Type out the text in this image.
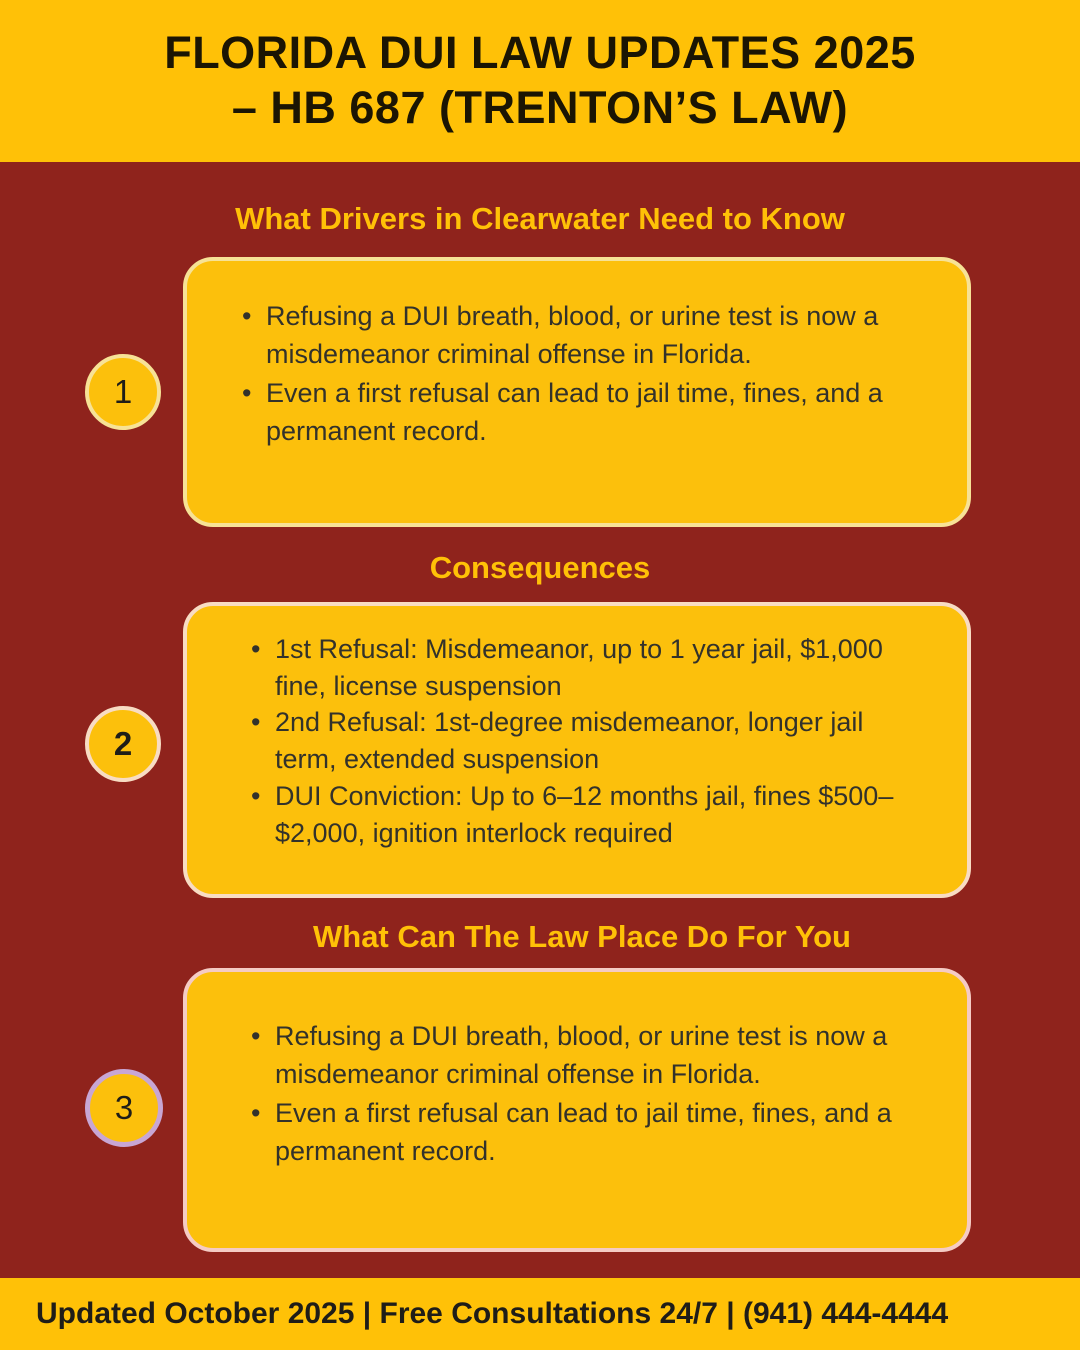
FLORIDA DUI LAW UPDATES 2025
– HB 687 (TRENTON’S LAW)
What Drivers in Clearwater Need to Know
1
• Refusing a DUI breath, blood, or urine test is now a misdemeanor criminal offense in Florida.
• Even a first refusal can lead to jail time, fines, and a permanent record.
Consequences
2
• 1st Refusal: Misdemeanor, up to 1 year jail, $1,000 fine, license suspension
• 2nd Refusal: 1st-degree misdemeanor, longer jail term, extended suspension
• DUI Conviction: Up to 6–12 months jail, fines $500–$2,000, ignition interlock required
What Can The Law Place Do For You
3
• Refusing a DUI breath, blood, or urine test is now a misdemeanor criminal offense in Florida.
• Even a first refusal can lead to jail time, fines, and a permanent record.
Updated October 2025 | Free Consultations 24/7 | (941) 444-4444
